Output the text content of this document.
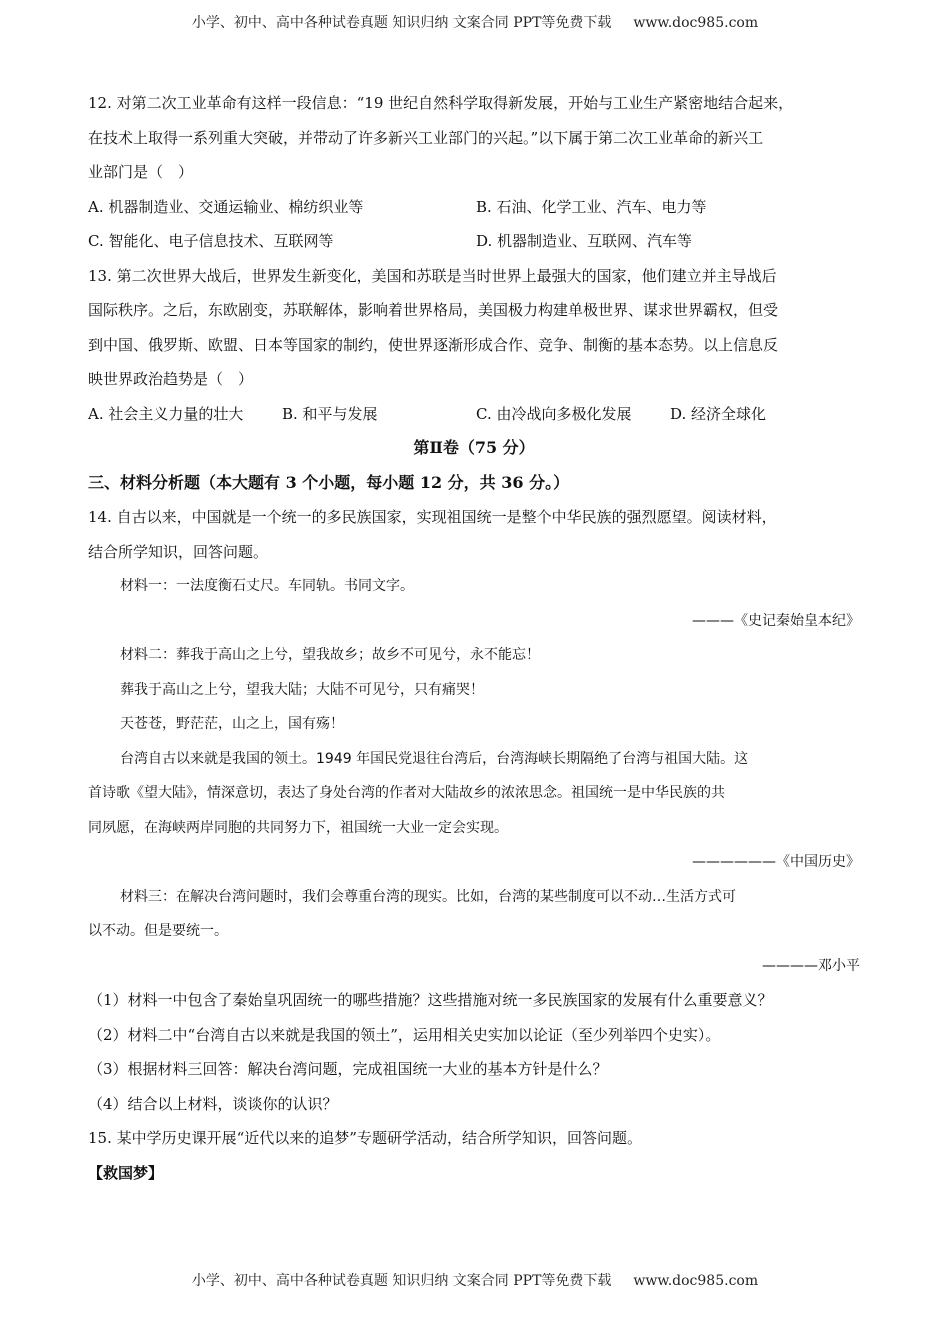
小学、初中、高中各种试卷真题 知识归纳 文案合同 PPT等免费下载 www.doc985.com
12. 对第二次工业革命有这样一段信息：“19 世纪自然科学取得新发展，开始与工业生产紧密地结合起来，
在技术上取得一系列重大突破，并带动了许多新兴工业部门的兴起。”以下属于第二次工业革命的新兴工
业部门是（　）
A. 机器制造业、交通运输业、棉纺织业等	B. 石油、化学工业、汽车、电力等
C. 智能化、电子信息技术、互联网等	D. 机器制造业、互联网、汽车等
13. 第二次世界大战后，世界发生新变化，美国和苏联是当时世界上最强大的国家，他们建立并主导战后
国际秩序。之后，东欧剧变，苏联解体，影响着世界格局，美国极力构建单极世界、谋求世界霸权，但受
到中国、俄罗斯、欧盟、日本等国家的制约，使世界逐渐形成合作、竞争、制衡的基本态势。以上信息反
映世界政治趋势是（　）
A. 社会主义力量的壮大	B. 和平与发展	C. 由冷战向多极化发展	D. 经济全球化
第Ⅱ卷（75 分）
三、材料分析题（本大题有 3 个小题，每小题 12 分，共 36 分。）
14. 自古以来，中国就是一个统一的多民族国家，实现祖国统一是整个中华民族的强烈愿望。阅读材料，
结合所学知识，回答问题。
材料一：一法度衡石丈尺。车同轨。书同文字。
———《史记秦始皇本纪》
材料二：葬我于高山之上兮，望我故乡；故乡不可见兮，永不能忘！
葬我于高山之上兮，望我大陆；大陆不可见兮，只有痛哭！
天苍苍，野茫茫，山之上，国有殇！
台湾自古以来就是我国的领土。1949 年国民党退往台湾后，台湾海峡长期隔绝了台湾与祖国大陆。这
首诗歌《望大陆》，情深意切，表达了身处台湾的作者对大陆故乡的浓浓思念。祖国统一是中华民族的共
同夙愿，在海峡两岸同胞的共同努力下，祖国统一大业一定会实现。
——————《中国历史》
材料三：在解决台湾问题时，我们会尊重台湾的现实。比如，台湾的某些制度可以不动…生活方式可
以不动。但是要统一。
————邓小平
（1）材料一中包含了秦始皇巩固统一的哪些措施？这些措施对统一多民族国家的发展有什么重要意义？
（2）材料二中“台湾自古以来就是我国的领土”，运用相关史实加以论证（至少列举四个史实）。
（3）根据材料三回答：解决台湾问题，完成祖国统一大业的基本方针是什么？
（4）结合以上材料，谈谈你的认识？
15. 某中学历史课开展“近代以来的追梦”专题研学活动，结合所学知识，回答问题。
【救国梦】
小学、初中、高中各种试卷真题 知识归纳 文案合同 PPT等免费下载 www.doc985.com
